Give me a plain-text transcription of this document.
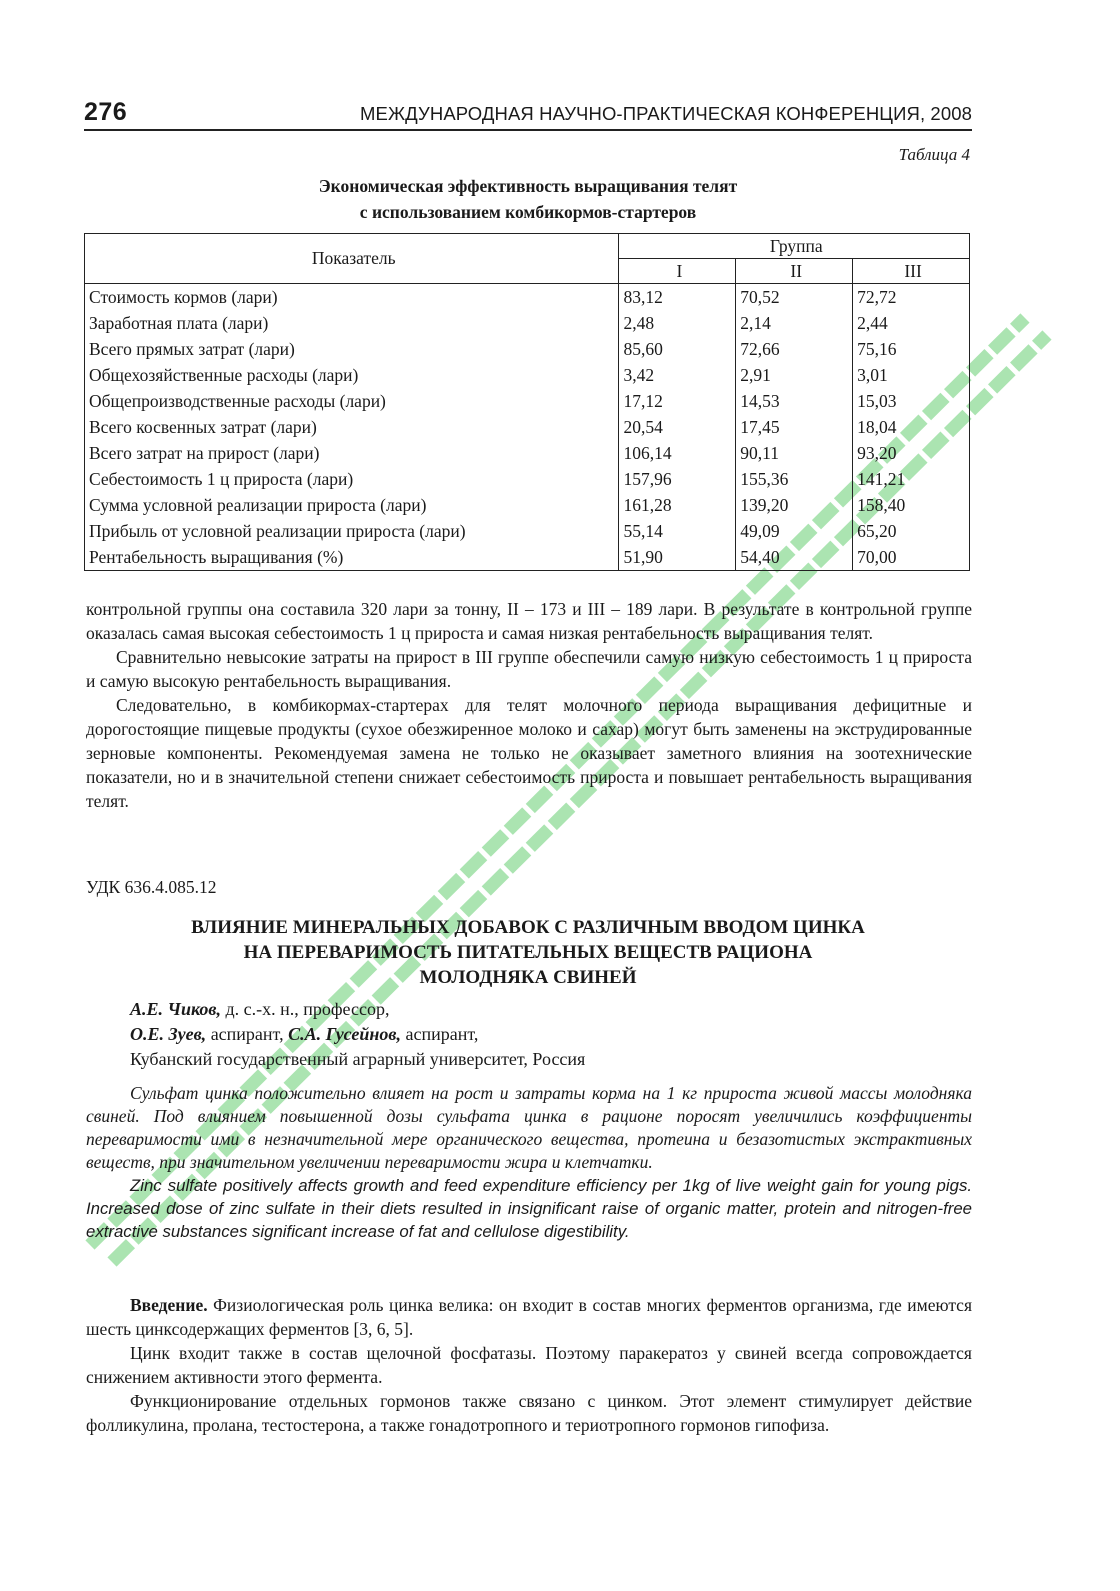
276	МЕЖДУНАРОДНАЯ НАУЧНО-ПРАКТИЧЕСКАЯ КОНФЕРЕНЦИЯ, 2008
Таблица 4
Экономическая эффективность выращивания телят
с использованием комбикормов-стартеров
Показатель	Группа		
	I	II	III
Стоимость кормов (лари)	83,12	70,52	72,72
Заработная плата (лари)	2,48	2,14	2,44
Всего прямых затрат (лари)	85,60	72,66	75,16
Общехозяйственные расходы (лари)	3,42	2,91	3,01
Общепроизводственные расходы (лари)	17,12	14,53	15,03
Всего косвенных затрат (лари)	20,54	17,45	18,04
Всего затрат на прирост (лари)	106,14	90,11	93,20
Себестоимость 1 ц прироста (лари)	157,96	155,36	141,21
Сумма условной реализации прироста (лари)	161,28	139,20	158,40
Прибыль от условной реализации прироста (лари)	55,14	49,09	65,20
Рентабельность выращивания (%)	51,90	54,40	70,00

контрольной группы она составила 320 лари за тонну, II – 173 и III – 189 лари. В результате в контрольной группе оказалась самая высокая себестоимость 1 ц прироста и самая низкая рентабельность выращивания телят.

Сравнительно невысокие затраты на прирост в III группе обеспечили самую низкую себестоимость 1 ц прироста и самую высокую рентабельность выращивания.

Следовательно, в комбикормах-стартерах для телят молочного периода выращивания дефицитные и дорогостоящие пищевые продукты (сухое обезжиренное молоко и сахар) могут быть заменены на экструдированные зерновые компоненты. Рекомендуемая замена не только не оказывает заметного влияния на зоотехнические показатели, но и в значительной степени снижает себестоимость прироста и повышает рентабельность выращивания телят.

УДК 636.4.085.12
ВЛИЯНИЕ МИНЕРАЛЬНЫХ ДОБАВОК С РАЗЛИЧНЫМ ВВОДОМ ЦИНКА
НА ПЕРЕВАРИМОСТЬ ПИТАТЕЛЬНЫХ ВЕЩЕСТВ РАЦИОНА
МОЛОДНЯКА СВИНЕЙ
А.Е. Чиков, д. с.-х. н., профессор,
О.Е. Зуев, аспирант, С.А. Гусейнов, аспирант,
Кубанский государственный аграрный университет, Россия

Сульфат цинка положительно влияет на рост и затраты корма на 1 кг прироста живой массы молодняка свиней. Под влиянием повышенной дозы сульфата цинка в рационе поросят увеличились коэффициенты переваримости ими в незначительной мере органического вещества, протеина и безазотистых экстрактивных веществ, при значительном увеличении переваримости жира и клетчатки.

Zinc sulfate positively affects growth and feed expenditure efficiency per 1kg of live weight gain for young pigs. Increased dose of zinc sulfate in their diets resulted in insignificant raise of organic matter, protein and nitrogen-free extractive substances significant increase of fat and cellulose digestibility.

Введение. Физиологическая роль цинка велика: он входит в состав многих ферментов организма, где имеются шесть цинксодержащих ферментов [3, 6, 5].

Цинк входит также в состав щелочной фосфатазы. Поэтому паракератоз у свиней всегда сопровождается снижением активности этого фермента.

Функционирование отдельных гормонов также связано с цинком. Этот элемент стимулирует действие фолликулина, пролана, тестостерона, а также гонадотропного и териотропного гормонов гипофиза.
